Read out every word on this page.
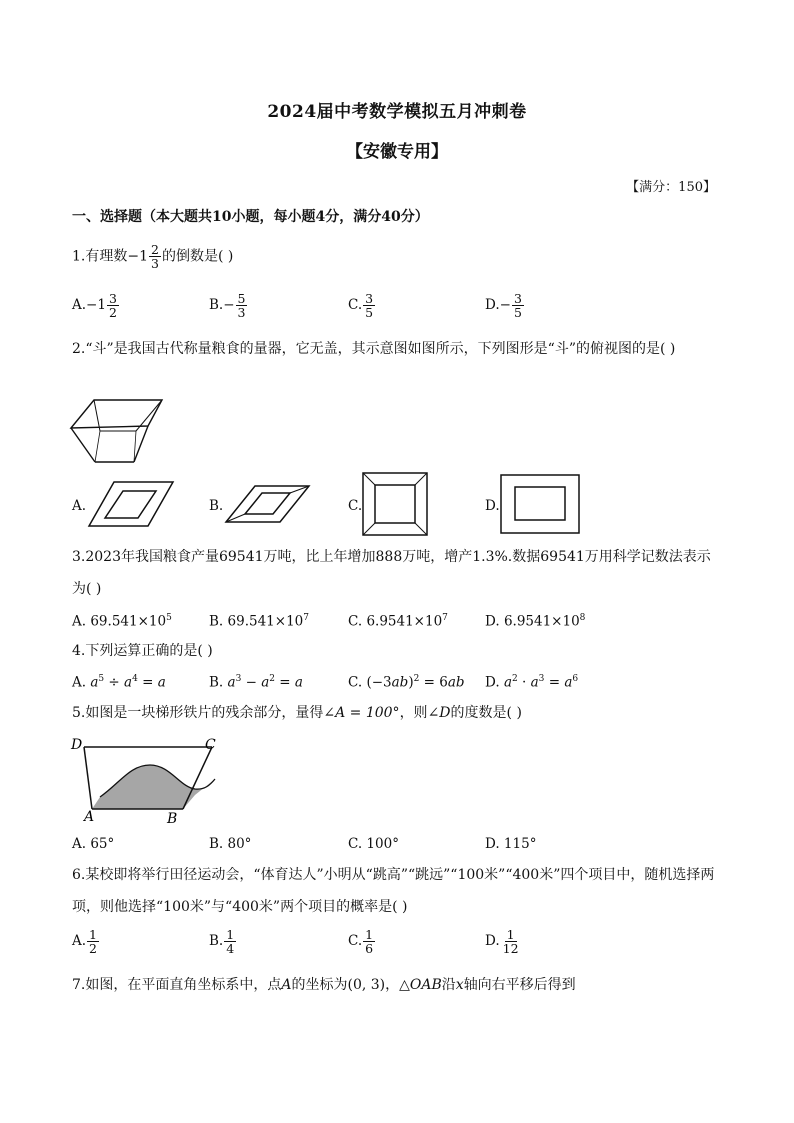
2024届中考数学模拟五月冲刺卷
【安徽专用】
【满分：150】
一、选择题（本大题共10小题，每小题4分，满分40分）
1.有理数$-1 \frac{2}{3}$ 的倒数是( )
$A.-1 \frac{3}{2}$	$B.- \frac{5}{3}$	C. $\frac{3}{5}$	$D.- \frac{3}{5}$
2.“斗”是我国古代称量粮食的量器，它无盖，其示意图如图所示，下列图形是“斗”的俯视图的是( )
A.	B.	C.	D.
3.2023年我国粮食产量69541万吨，比上年增加888万吨，增产1.3%.数据69541万用科学记数法表示为( )
A. $69.541\times 10^5$	B. $69.541\times 10^7$	C. $6.9541\times 10^7$	D. $6.9541\times 10^8$
4.下列运算正确的是( )
A. $a^5 \div a^4 = a$	B. $a^3 - a^2 = a$	C. $(-3ab)^2 = 6ab$ D. $a^2 \cdot a^3 = a^6$
5.如图是一块梯形铁片的残余部分，量得∠A = 100°，则∠D的度数是( )
D	C
A	B
A. 65°	B. 80°	C. 100°	D. 115°
6.某校即将举行田径运动会，“体育达人”小明从“跳高”“跳远”“100米”“400米”四个项目中，随机选择两项，则他选择“100米”与“400米”两个项目的概率是( )
A. $\frac{1}{2}$	B. $\frac{1}{4}$	C. $\frac{1}{6}$	D. $\frac{1}{12}$
7.如图，在平面直角坐标系中，点A的坐标为(0, 3)，△OAB沿x轴向右平移后得到
